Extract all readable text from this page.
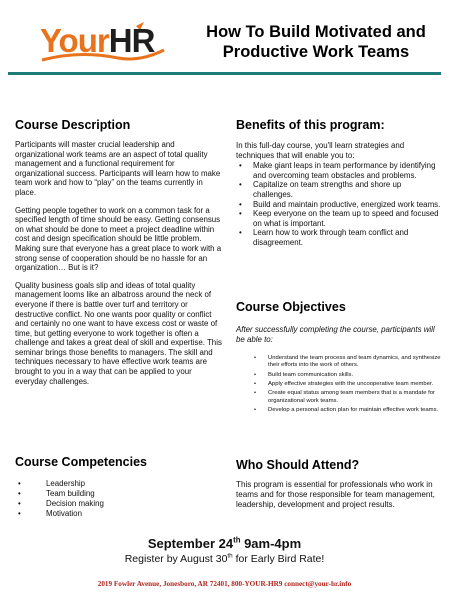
YourHR	How To Build Motivated and
Productive Work Teams
Course Description

Participants will master crucial leadership and organizational work teams are an aspect of total quality management and a functional requirement for organizational success. Participants will learn how to make team work and how to “play” on the teams currently in place.

Getting people together to work on a common task for a specified length of time should be easy. Getting consensus on what should be done to meet a project deadline within cost and design specification should be little problem. Making sure that everyone has a great place to work with a strong sense of cooperation should be no hassle for an organization… But is it?

Quality business goals slip and ideas of total quality management looms like an albatross around the neck of everyone if there is battle over turf and territory or destructive conflict. No one wants poor quality or conflict and certainly no one want to have excess cost or waste of time, but getting everyone to work together is often a challenge and takes a great deal of skill and expertise. This seminar brings those benefits to managers. The skill and techniques necessary to have effective work teams are brought to you in a way that can be applied to your everyday challenges.

Course Competencies
• Leadership
• Team building
• Decision making
• Motivation
Benefits of this program:

In this full-day course, you'll learn strategies and techniques that will enable you to:

• Make giant leaps in team performance by identifying and overcoming team obstacles and problems.
• Capitalize on team strengths and shore up challenges.
• Build and maintain productive, energized work teams.
• Keep everyone on the team up to speed and focused on what is important.
• Learn how to work through team conflict and disagreement.
Course Objectives
After successfully completing the course, participants will be able to:
• Understand the team process and team dynamics, and synthesize their efforts into the work of others.
• Build team communication skills.
• Apply effective strategies with the uncooperative team member.
• Create equal status among team members that is a mandate for organizational work teams.
• Develop a personal action plan for maintain effective work teams.
Who Should Attend?

This program is essential for professionals who work in teams and for those responsible for team management, leadership, development and project results.

September 24th 9am-4pm
Register by August 30th for Early Bird Rate!
2019 Fowler Avenue, Jonesboro, AR 72401, 800-YOUR-HR9 connect@your-hr.info
